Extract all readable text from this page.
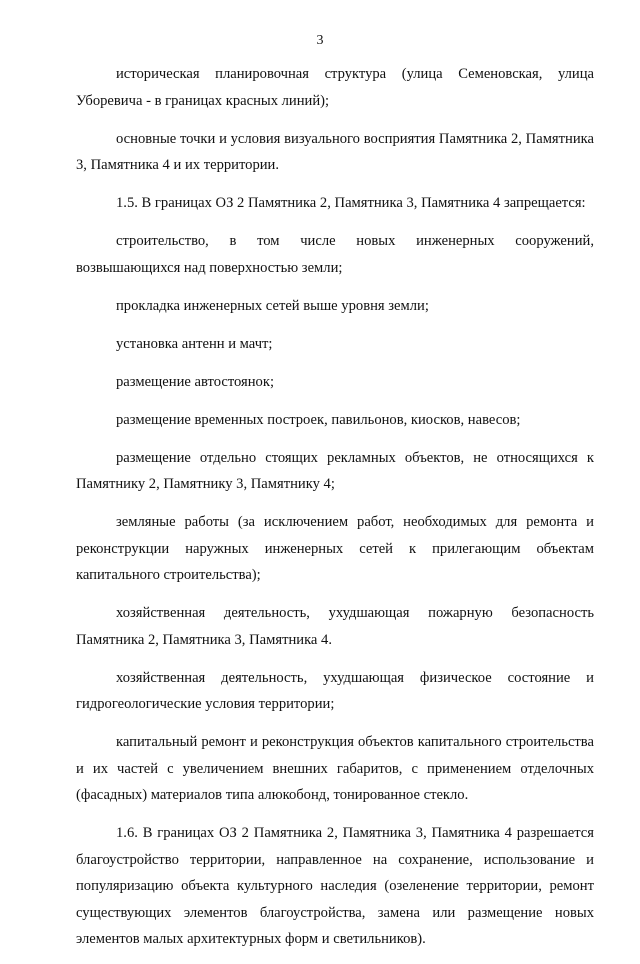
3

историческая планировочная структура (улица Семеновская, улица Уборевича - в границах красных линий);

основные точки и условия визуального восприятия Памятника 2, Памятника 3, Памятника 4 и их территории.

1.5. В границах ОЗ 2 Памятника 2, Памятника 3, Памятника 4 запрещается:

строительство, в том числе новых инженерных сооружений, возвышающихся над поверхностью земли;

прокладка инженерных сетей выше уровня земли;

установка антенн и мачт;

размещение автостоянок;

размещение временных построек, павильонов, киосков, навесов;

размещение отдельно стоящих рекламных объектов, не относящихся к Памятнику 2, Памятнику 3, Памятнику 4;

земляные работы (за исключением работ, необходимых для ремонта и реконструкции наружных инженерных сетей к прилегающим объектам капитального строительства);

хозяйственная деятельность, ухудшающая пожарную безопасность Памятника 2, Памятника 3, Памятника 4.

хозяйственная деятельность, ухудшающая физическое состояние и гидрогеологические условия территории;

капитальный ремонт и реконструкция объектов капитального строительства и их частей с увеличением внешних габаритов, с применением отделочных (фасадных) материалов типа алюкобонд, тонированное стекло.

1.6. В границах ОЗ 2 Памятника 2, Памятника 3, Памятника 4 разрешается благоустройство территории, направленное на сохранение, использование и популяризацию объекта культурного наследия (озеленение территории, ремонт существующих элементов благоустройства, замена или размещение новых элементов малых архитектурных форм и светильников).
